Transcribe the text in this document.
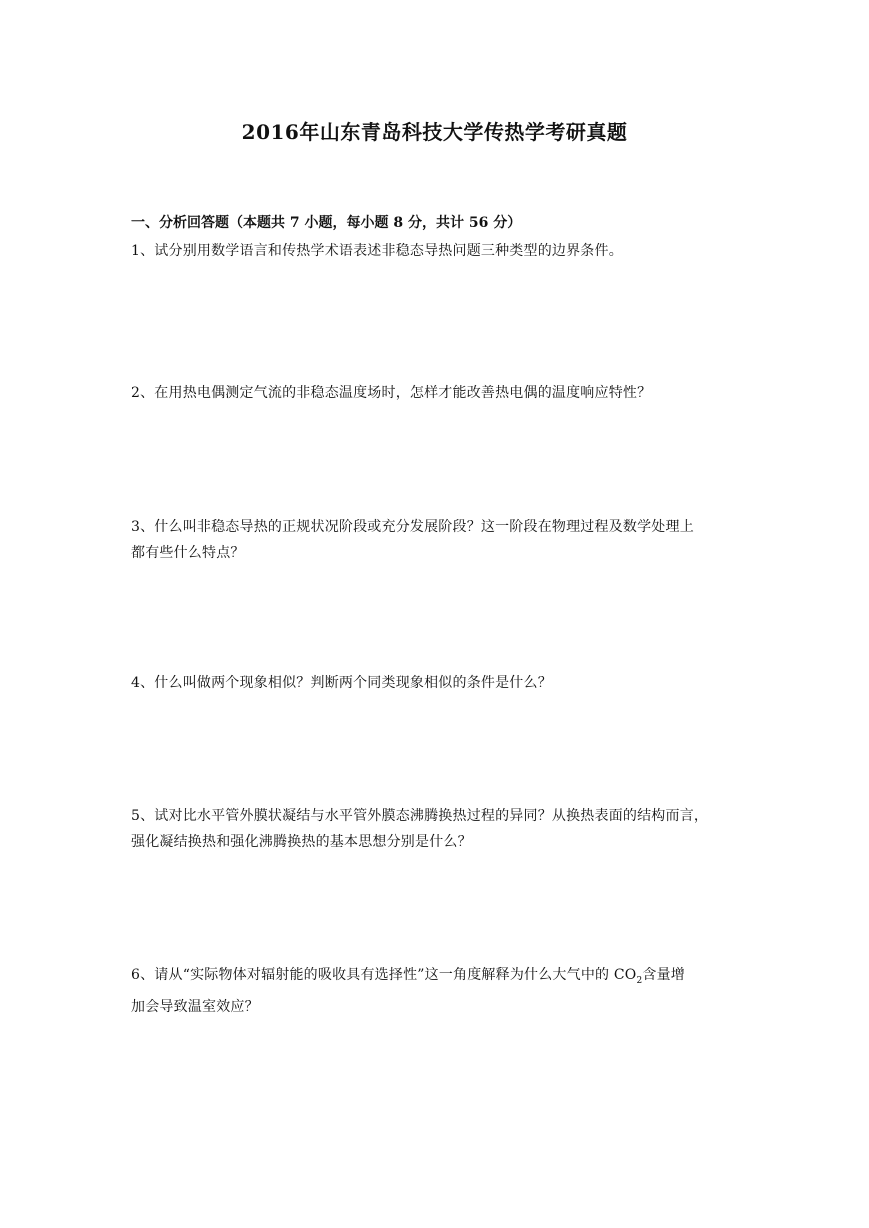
2016年山东青岛科技大学传热学考研真题
一、分析回答题（本题共 7 小题，每小题 8 分，共计 56 分）

1、试分别用数学语言和传热学术语表述非稳态导热问题三种类型的边界条件。

2、在用热电偶测定气流的非稳态温度场时，怎样才能改善热电偶的温度响应特性？

3、什么叫非稳态导热的正规状况阶段或充分发展阶段？这一阶段在物理过程及数学处理上

都有些什么特点？

4、什么叫做两个现象相似？判断两个同类现象相似的条件是什么？

5、试对比水平管外膜状凝结与水平管外膜态沸腾换热过程的异同？从换热表面的结构而言，

强化凝结换热和强化沸腾换热的基本思想分别是什么？

6、请从“实际物体对辐射能的吸收具有选择性”这一角度解释为什么大气中的 $CO_2$含量增

加会导致温室效应？
